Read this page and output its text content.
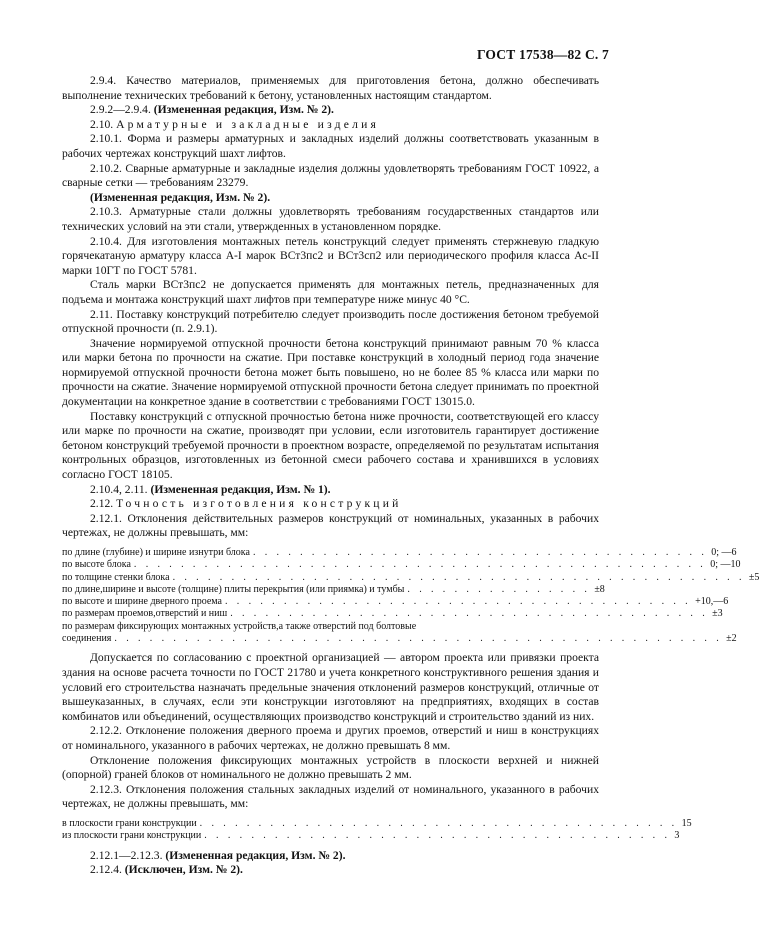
ГОСТ 17538—82 С. 7

2.9.4. Качество материалов, применяемых для приготовления бетона, должно обеспечивать выполнение технических требований к бетону, установленных настоящим стандартом.

2.9.2—2.9.4. (Измененная редакция, Изм. № 2).

2.10. Арматурные и закладные изделия

2.10.1. Форма и размеры арматурных и закладных изделий должны соответствовать указанным в рабочих чертежах конструкций шахт лифтов.

2.10.2. Сварные арматурные и закладные изделия должны удовлетворять требованиям ГОСТ 10922, а сварные сетки — требованиям 23279.

(Измененная редакция, Изм. № 2).

2.10.3. Арматурные стали должны удовлетворять требованиям государственных стандартов или технических условий на эти стали, утвержденных в установленном порядке.

2.10.4. Для изготовления монтажных петель конструкций следует применять стержневую гладкую горячекатаную арматуру класса А-I марок ВСт3пс2 и ВСт3сп2 или периодического профиля класса Ас-II марки 10ГТ по ГОСТ 5781.

Сталь марки ВСт3пс2 не допускается применять для монтажных петель, предназначенных для подъема и монтажа конструкций шахт лифтов при температуре ниже минус 40 °С.

2.11. Поставку конструкций потребителю следует производить после достижения бетоном требуемой отпускной прочности (п. 2.9.1).

Значение нормируемой отпускной прочности бетона конструкций принимают равным 70 % класса или марки бетона по прочности на сжатие. При поставке конструкций в холодный период года значение нормируемой отпускной прочности бетона может быть повышено, но не более 85 % класса или марки по прочности на сжатие. Значение нормируемой отпускной прочности бетона следует принимать по проектной документации на конкретное здание в соответствии с требованиями ГОСТ 13015.0.

Поставку конструкций с отпускной прочностью бетона ниже прочности, соответствующей его классу или марке по прочности на сжатие, производят при условии, если изготовитель гарантирует достижение бетоном конструкций требуемой прочности в проектном возрасте, определяемой по результатам испытания контрольных образцов, изготовленных из бетонной смеси рабочего состава и хранившихся в условиях согласно ГОСТ 18105.

2.10.4, 2.11. (Измененная редакция, Изм. № 1).

2.12. Точность изготовления конструкций

2.12.1. Отклонения действительных размеров конструкций от номинальных, указанных в рабочих чертежах, не должны превышать, мм:

по длине (глубине) и ширине изнутри блока . . . . . . . . . . . . . . . . . . . . . . . . . . . . . . . . . . . . . . . 0; —6
по высоте блока . . . . . . . . . . . . . . . . . . . . . . . . . . . . . . . . . . . . . . . . . . . . . . . . . 0; —10
по толщине стенки блока . . . . . . . . . . . . . . . . . . . . . . . . . . . . . . . . . . . . . . . . . . . . . . . . . ±5
по длине,ширине и высоте (толщине) плиты перекрытия (или приямка) и тумбы . . . . . . . . . . . . . . . . ±8
по высоте и ширине дверного проема . . . . . . . . . . . . . . . . . . . . . . . . . . . . . . . . . . . . . . . . +10,—6
по размерам проемов,отверстий и ниш . . . . . . . . . . . . . . . . . . . . . . . . . . . . . . . . . . . . . . . . . ±3
по размерам фиксирующих монтажных устройств,а также отверстий под болтовые
соединения . . . . . . . . . . . . . . . . . . . . . . . . . . . . . . . . . . . . . . . . . . . . . . . . . . . . ±2

Допускается по согласованию с проектной организацией — автором проекта или привязки проекта здания на основе расчета точности по ГОСТ 21780 и учета конкретного конструктивного решения здания и условий его строительства назначать предельные значения отклонений размеров конструкций, отличные от вышеуказанных, в случаях, если эти конструкции изготовляют на предприятиях, входящих в состав комбинатов или объединений, осуществляющих производство конструкций и строительство зданий из них.

2.12.2. Отклонение положения дверного проема и других проемов, отверстий и ниш в конструкциях от номинального, указанного в рабочих чертежах, не должно превышать 8 мм.

Отклонение положения фиксирующих монтажных устройств в плоскости верхней и нижней (опорной) граней блоков от номинального не должно превышать 2 мм.

2.12.3. Отклонения положения стальных закладных изделий от номинального, указанного в рабочих чертежах, не должны превышать, мм:

в плоскости грани конструкции . . . . . . . . . . . . . . . . . . . . . . . . . . . . . . . . . . . . . . . . . 15
из плоскости грани конструкции . . . . . . . . . . . . . . . . . . . . . . . . . . . . . . . . . . . . . . . . 3

2.12.1—2.12.3. (Измененная редакция, Изм. № 2).

2.12.4. (Исключен, Изм. № 2).
